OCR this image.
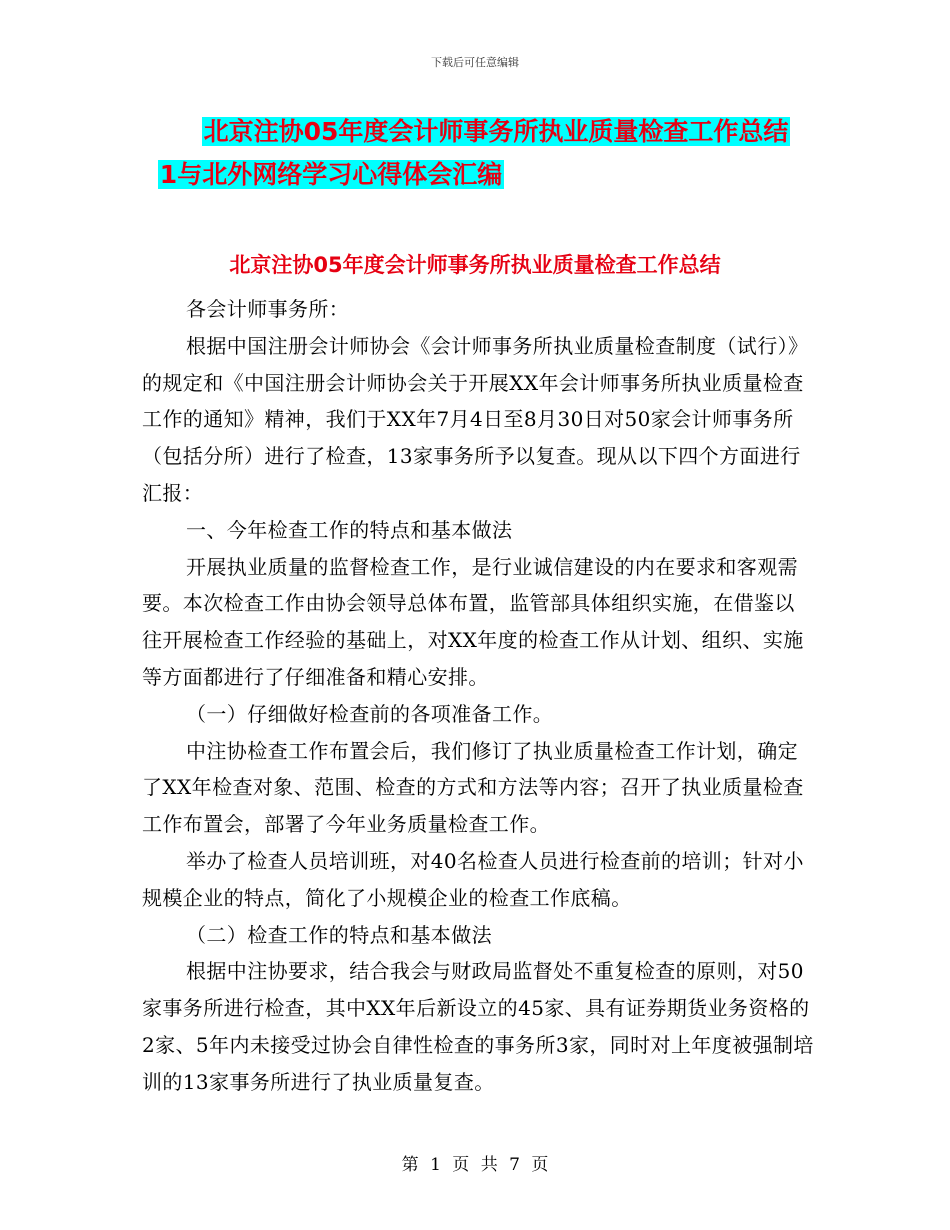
下载后可任意编辑
北京注协05年度会计师事务所执业质量检查工作总结
1与北外网络学习心得体会汇编
北京注协05年度会计师事务所执业质量检查工作总结

各会计师事务所：

根据中国注册会计师协会《会计师事务所执业质量检查制度（试行）》的规定和《中国注册会计师协会关于开展XX年会计师事务所执业质量检查工作的通知》精神，我们于XX年7月4日至8月30日对50家会计师事务所（包括分所）进行了检查，13家事务所予以复查。现从以下四个方面进行汇报：

一、今年检查工作的特点和基本做法

开展执业质量的监督检查工作，是行业诚信建设的内在要求和客观需要。本次检查工作由协会领导总体布置，监管部具体组织实施，在借鉴以往开展检查工作经验的基础上，对XX年度的检查工作从计划、组织、实施等方面都进行了仔细准备和精心安排。

（一）仔细做好检查前的各项准备工作。

中注协检查工作布置会后，我们修订了执业质量检查工作计划，确定了XX年检查对象、范围、检查的方式和方法等内容；召开了执业质量检查工作布置会，部署了今年业务质量检查工作。

举办了检查人员培训班，对40名检查人员进行检查前的培训；针对小规模企业的特点，简化了小规模企业的检查工作底稿。

（二）检查工作的特点和基本做法

根据中注协要求，结合我会与财政局监督处不重复检查的原则，对50家事务所进行检查，其中XX年后新设立的45家、具有证券期货业务资格的2家、5年内未接受过协会自律性检查的事务所3家，同时对上年度被强制培训的13家事务所进行了执业质量复查。

第 1 页 共 7 页
